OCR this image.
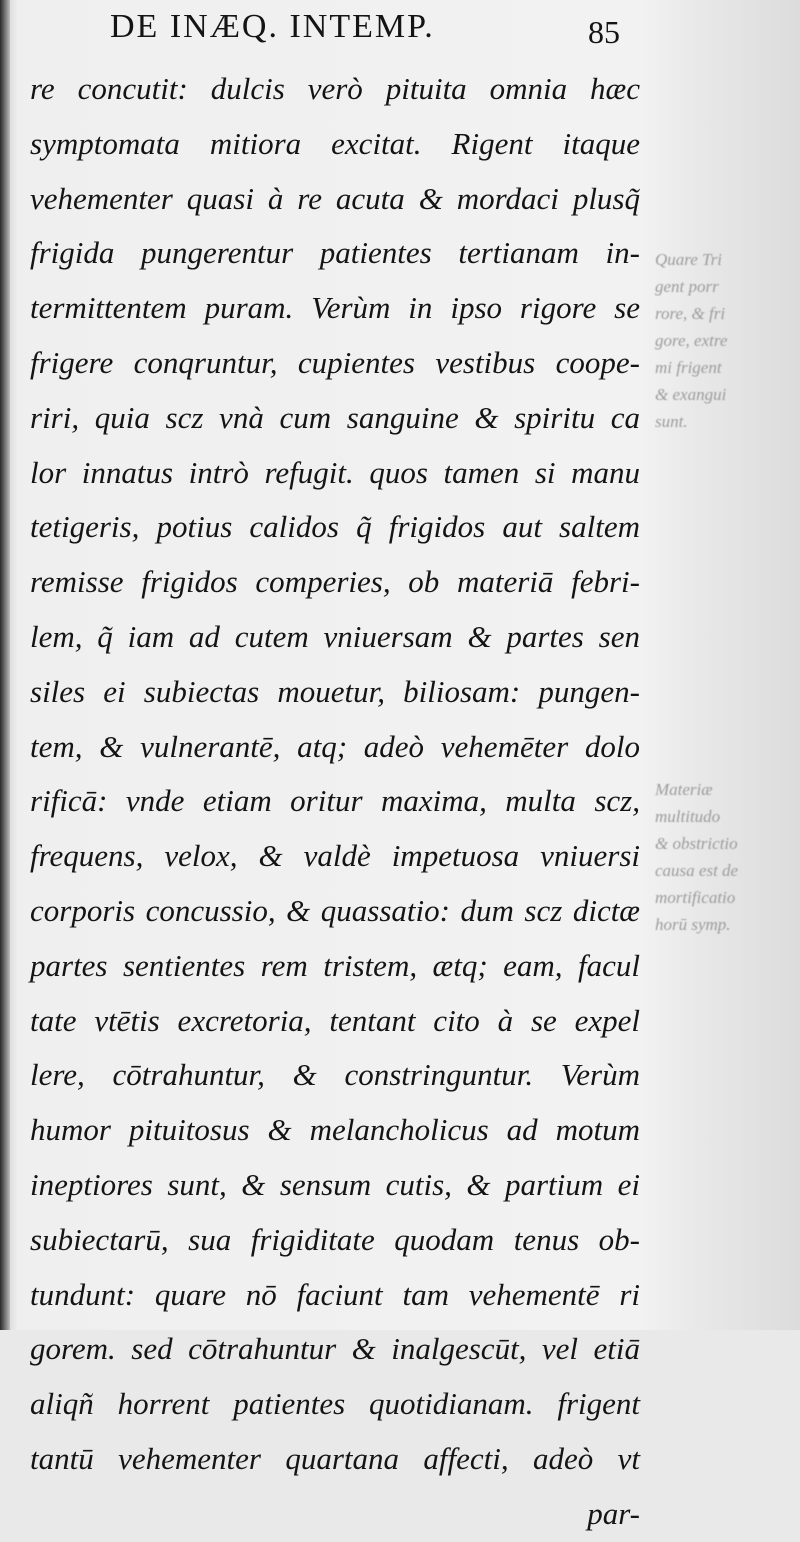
DE INÆQ. INTEMP.	85
re concutit: dulcis verò pituita omnia hæc
symptomata mitiora excitat. Rigent itaque
vehementer quasi à re acuta & mordaci plusq̃
frigida pungerentur patientes tertianam in-
termittentem puram. Verùm in ipso rigore se
frigere conqruntur, cupientes vestibus coope-
riri, quia scz vnà cum sanguine & spiritu ca
lor innatus intrò refugit. quos tamen si manu
tetigeris, potius calidos q̃ frigidos aut saltem
remisse frigidos comperies, ob materiā febri-
lem, q̃ iam ad cutem vniuersam & partes sen
siles ei subiectas mouetur, biliosam: pungen-
tem, & vulnerantē, atq; adeò vehemēter dolo
rificā: vnde etiam oritur maxima, multa scz,
frequens, velox, & valdè impetuosa vniuersi
corporis concussio, & quassatio: dum scz dictæ
partes sentientes rem tristem, ætq; eam, facul
tate vtētis excretoria, tentant cito à se expel
lere, cōtrahuntur, & constringuntur. Verùm
humor pituitosus & melancholicus ad motum
ineptiores sunt, & sensum cutis, & partium ei
subiectarū, sua frigiditate quodam tenus ob-
tundunt: quare nō faciunt tam vehementē ri
gorem. sed cōtrahuntur & inalgescūt, vel etiā
aliqñ horrent patientes quotidianam. frigent
tantū vehementer quartana affecti, adeò vt
par-
Quare Tri
gent porr
rore, & fri
gore, extre
mi frigent
& exangui
sunt.
Materiæ
multitudo
& obstrictio
causa est de
mortificatio
horū symp.
